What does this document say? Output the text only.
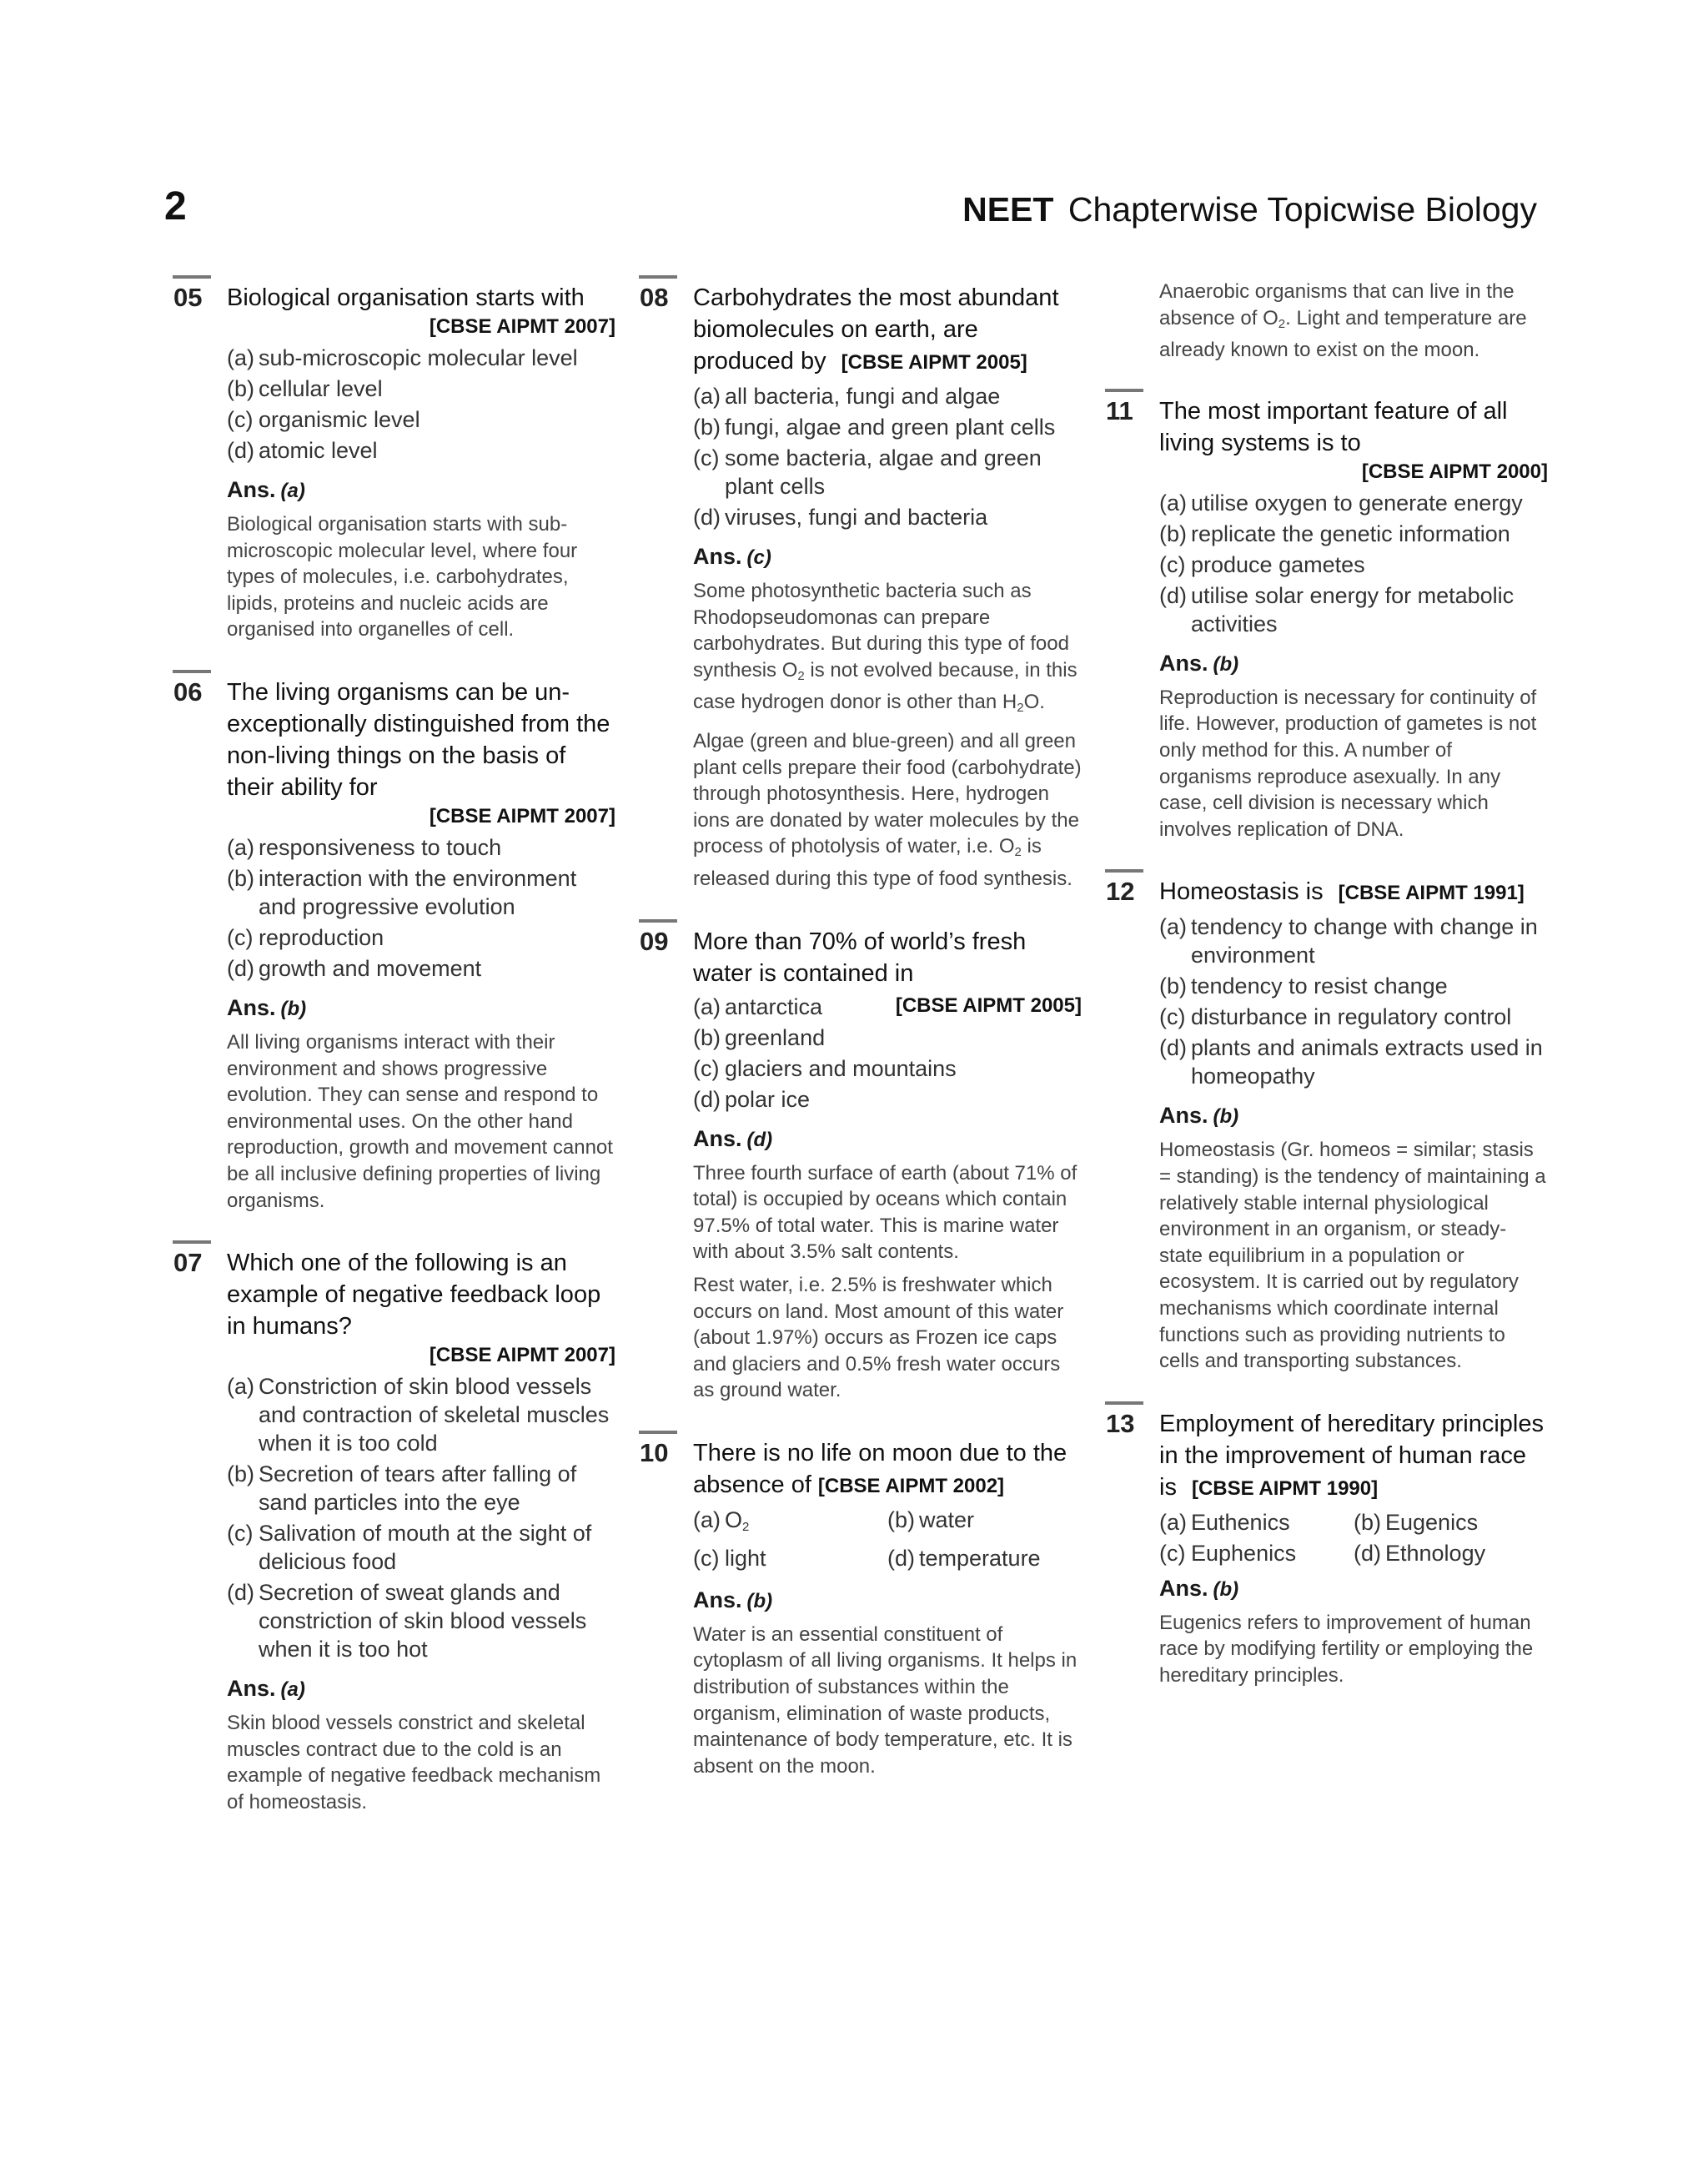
2	NEET Chapterwise Topicwise Biology
05 Biological organisation starts with
[CBSE AIPMT 2007]
(a) sub-microscopic molecular level
(b) cellular level
(c) organismic level
(d) atomic level
Ans. (a)

Biological organisation starts with sub-microscopic molecular level, where four types of molecules, i.e. carbohydrates, lipids, proteins and nucleic acids are organised into organelles of cell.

06 The living organisms can be un-exceptionally distinguished from the non-living things on the basis of their ability for
[CBSE AIPMT 2007]
(a) responsiveness to touch
(b) interaction with the environment and progressive evolution
(c) reproduction
(d) growth and movement
Ans. (b)

All living organisms interact with their environment and shows progressive evolution. They can sense and respond to environmental uses. On the other hand reproduction, growth and movement cannot be all inclusive defining properties of living organisms.

07 Which one of the following is an example of negative feedback loop in humans?
[CBSE AIPMT 2007]
(a) Constriction of skin blood vessels and contraction of skeletal muscles when it is too cold
(b) Secretion of tears after falling of sand particles into the eye
(c) Salivation of mouth at the sight of delicious food
(d) Secretion of sweat glands and constriction of skin blood vessels when it is too hot
Ans. (a)

Skin blood vessels constrict and skeletal muscles contract due to the cold is an example of negative feedback mechanism of homeostasis.

08 Carbohydrates the most abundant biomolecules on earth, are produced by [CBSE AIPMT 2005]
(a) all bacteria, fungi and algae
(b) fungi, algae and green plant cells
(c) some bacteria, algae and green plant cells
(d) viruses, fungi and bacteria
Ans. (c)

Some photosynthetic bacteria such as Rhodopseudomonas can prepare carbohydrates. But during this type of food synthesis $O_2$ is not evolved because, in this case hydrogen donor is other than $H_2O$.

Algae (green and blue-green) and all green plant cells prepare their food (carbohydrate) through photosynthesis. Here, hydrogen ions are donated by water molecules by the process of photolysis of water, i.e. $O_2$ is released during this type of food synthesis.

09 More than 70% of world’s fresh water is contained in
(a) antarctica	[CBSE AIPMT 2005]
(b) greenland
(c) glaciers and mountains
(d) polar ice
Ans. (d)

Three fourth surface of earth (about 71% of total) is occupied by oceans which contain 97.5% of total water. This is marine water with about 3.5% salt contents.

Rest water, i.e. 2.5% is freshwater which occurs on land. Most amount of this water (about 1.97%) occurs as Frozen ice caps and glaciers and 0.5% fresh water occurs as ground water.

10 There is no life on moon due to the absence of [CBSE AIPMT 2002]
(a) $O_2$	(b) water
(c) light	(d) temperature
Ans. (b)

Water is an essential constituent of cytoplasm of all living organisms. It helps in distribution of substances within the organism, elimination of waste products, maintenance of body temperature, etc. It is absent on the moon.

Anaerobic organisms that can live in the absence of $O_2$. Light and temperature are already known to exist on the moon.
11 The most important feature of all living systems is to
[CBSE AIPMT 2000]
(a) utilise oxygen to generate energy
(b) replicate the genetic information
(c) produce gametes
(d) utilise solar energy for metabolic activities
Ans. (b)

Reproduction is necessary for continuity of life. However, production of gametes is not only method for this. A number of organisms reproduce asexually. In any case, cell division is necessary which involves replication of DNA.

12 Homeostasis is [CBSE AIPMT 1991]
(a) tendency to change with change in environment
(b) tendency to resist change
(c) disturbance in regulatory control
(d) plants and animals extracts used in homeopathy
Ans. (b)

Homeostasis (Gr. homeos = similar; stasis = standing) is the tendency of maintaining a relatively stable internal physiological environment in an organism, or steady-state equilibrium in a population or ecosystem. It is carried out by regulatory mechanisms which coordinate internal functions such as providing nutrients to cells and transporting substances.

13 Employment of hereditary principles in the improvement of human race is [CBSE AIPMT 1990]
(a) Euthenics	(b) Eugenics
(c) Euphenics	(d) Ethnology
Ans. (b)

Eugenics refers to improvement of human race by modifying fertility or employing the hereditary principles.
